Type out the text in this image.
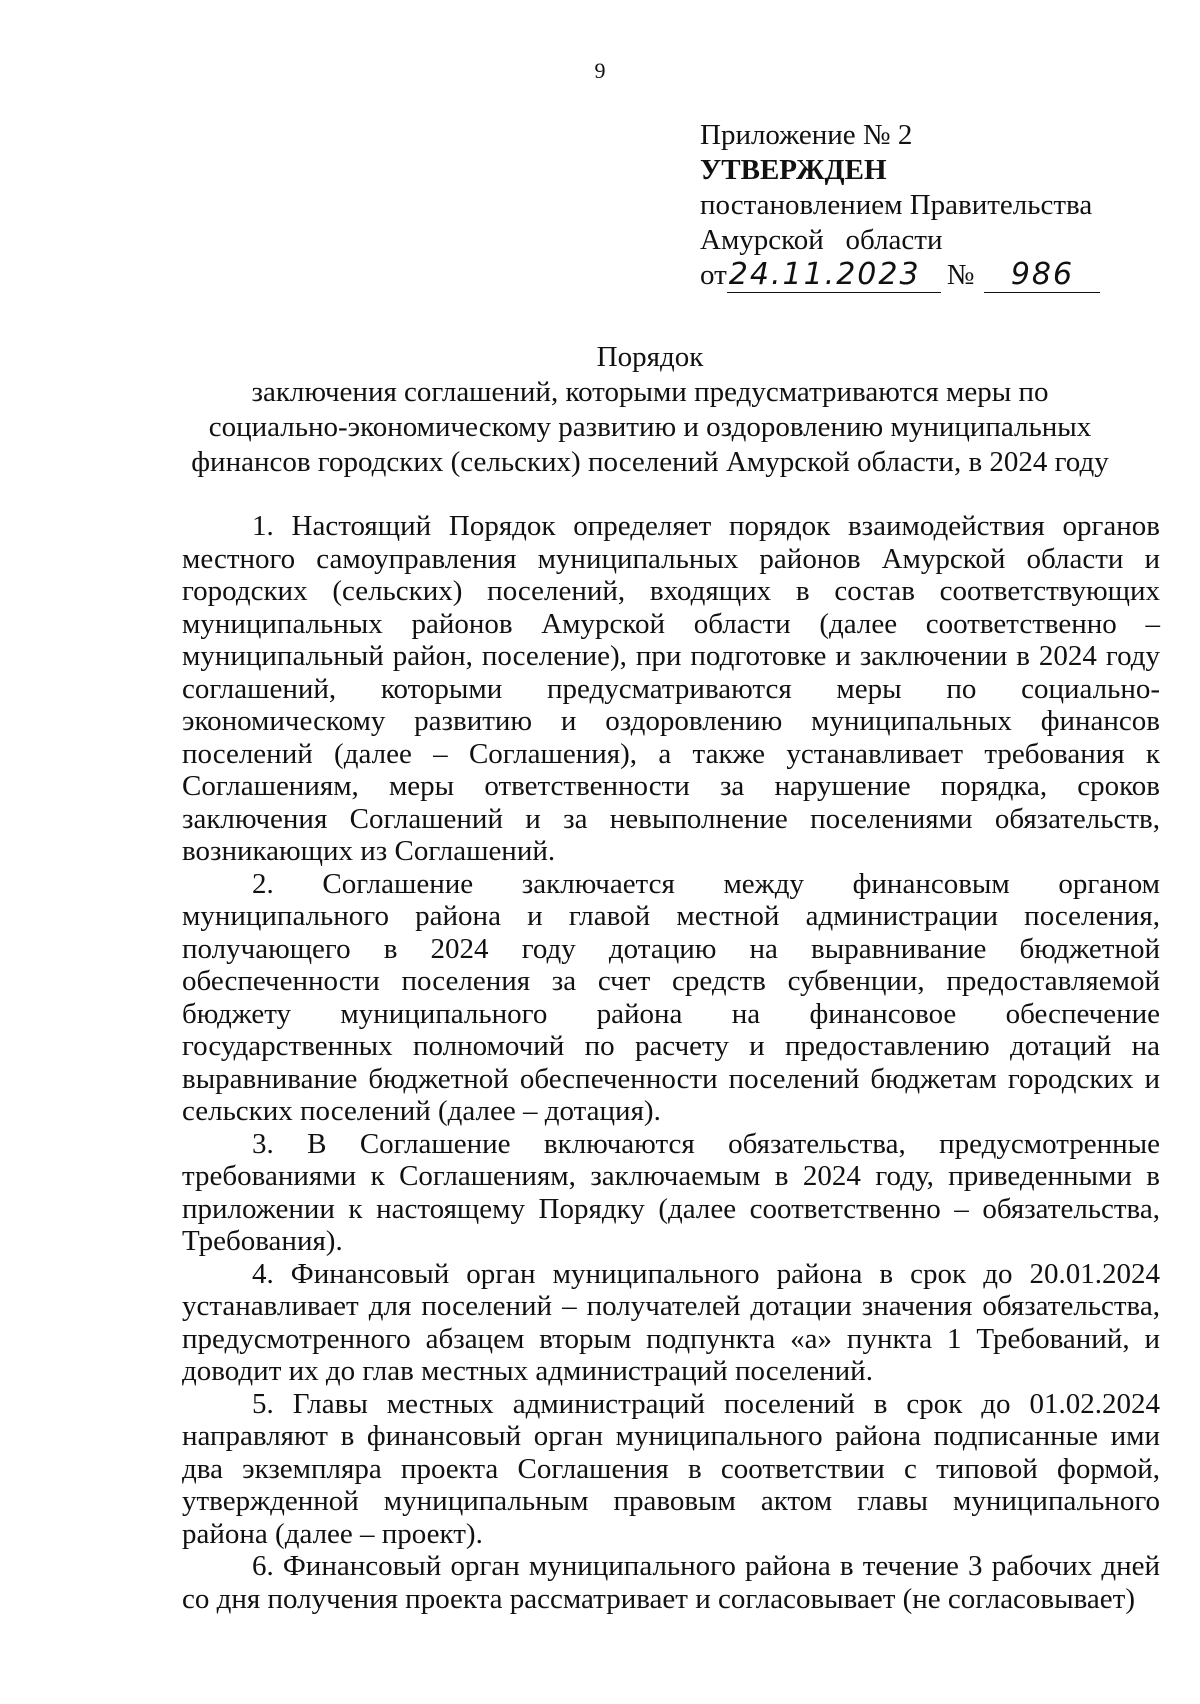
9
Приложение № 2
УТВЕРЖДЕН
постановлением Правительства
Амурской   области
от 24.11.2023 №	986
Порядок
заключения соглашений, которыми предусматриваются меры по
социально-экономическому развитию и оздоровлению муниципальных
финансов городских (сельских) поселений Амурской области, в 2024 году

1. Настоящий Порядок определяет порядок взаимодействия органов местного самоуправления муниципальных районов Амурской области и городских (сельских) поселений, входящих в состав соответствующих муниципальных районов Амурской области (далее соответственно – муниципальный район, поселение), при подготовке и заключении в 2024 году соглашений, которыми предусматриваются меры по социально-экономическому развитию и оздоровлению муниципальных финансов поселений (далее – Соглашения), а также устанавливает требования к Соглашениям, меры ответственности за нарушение порядка, сроков заключения Соглашений и за невыполнение поселениями обязательств, возникающих из Соглашений.

2. Соглашение заключается между финансовым органом муниципального района и главой местной администрации поселения, получающего в 2024 году дотацию на выравнивание бюджетной обеспеченности поселения за счет средств субвенции, предоставляемой бюджету муниципального района на финансовое обеспечение государственных полномочий по расчету и предоставлению дотаций на выравнивание бюджетной обеспеченности поселений бюджетам городских и сельских поселений (далее – дотация).

3. В Соглашение включаются обязательства, предусмотренные требованиями к Соглашениям, заключаемым в 2024 году, приведенными в приложении к настоящему Порядку (далее соответственно – обязательства, Требования).

4. Финансовый орган муниципального района в срок до 20.01.2024 устанавливает для поселений – получателей дотации значения обязательства, предусмотренного абзацем вторым подпункта «а» пункта 1 Требований, и доводит их до глав местных администраций поселений.

5. Главы местных администраций поселений в срок до 01.02.2024 направляют в финансовый орган муниципального района подписанные ими два экземпляра проекта Соглашения в соответствии с типовой формой, утвержденной муниципальным правовым актом главы муниципального района (далее – проект).

6. Финансовый орган муниципального района в течение 3 рабочих дней со дня получения проекта рассматривает и согласовывает (не согласовывает)
